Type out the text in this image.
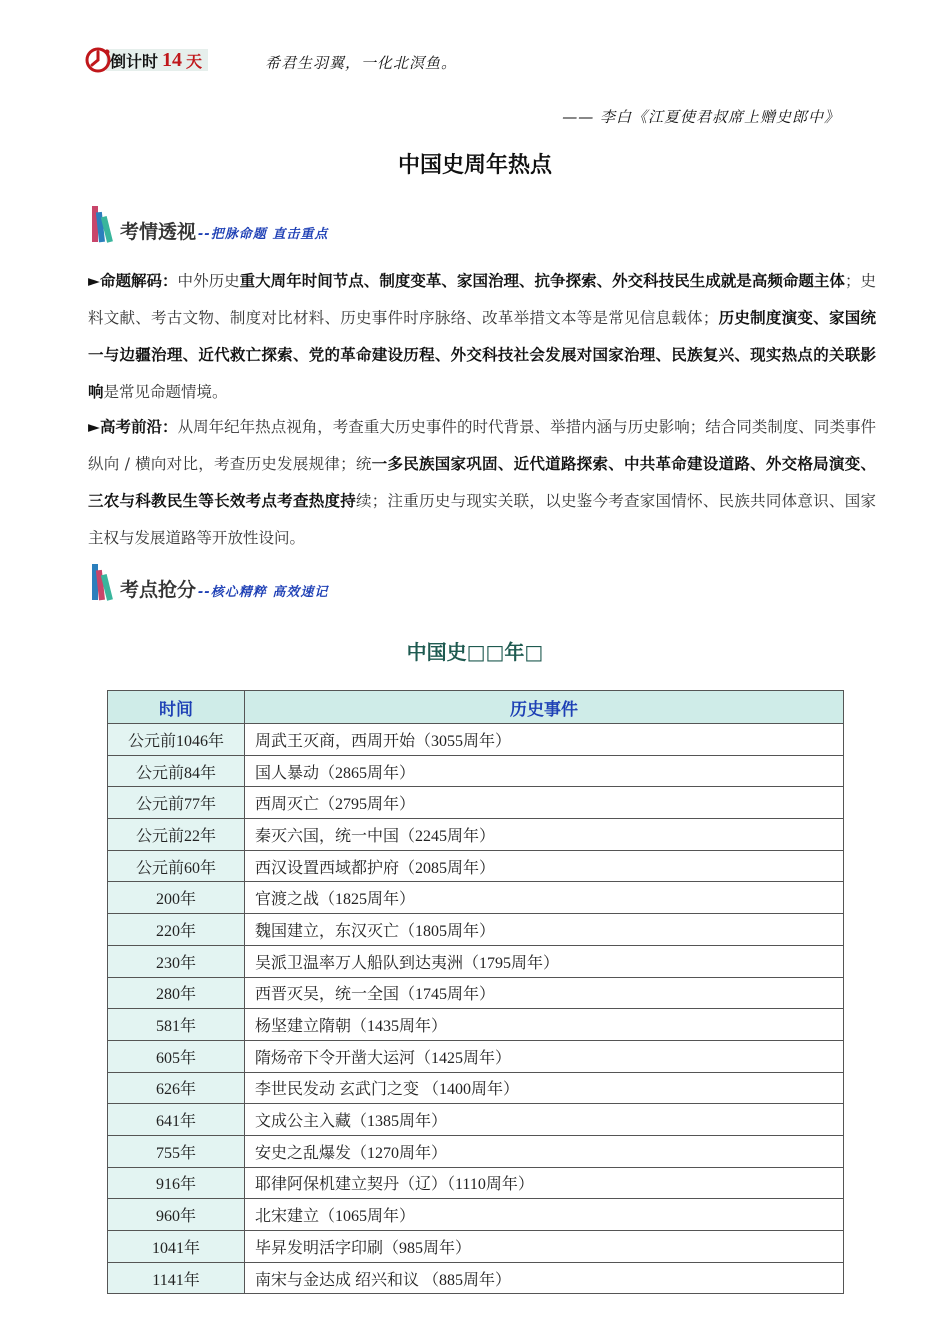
倒计时 14 天	希君生羽翼，一化北溟鱼。
—— 李白《江夏使君叔席上赠史郎中》
中国史周年热点
考情透视 --把脉命题 直击重点
►命题解码：中外历史重大周年时间节点、制度变革、家国治理、抗争探索、外交科技民生成就是高频命题主体；史料文献、考古文物、制度对比材料、历史事件时序脉络、改革举措文本等是常见信息载体；历史制度演变、家国统一与边疆治理、近代救亡探索、党的革命建设历程、外交科技社会发展对国家治理、民族复兴、现实热点的关联影响是常见命题情境。
►高考前沿：从周年纪年热点视角，考查重大历史事件的时代背景、举措内涵与历史影响；结合同类制度、同类事件纵向 / 横向对比，考查历史发展规律；统一多民族国家巩固、近代道路探索、中共革命建设道路、外交格局演变、三农与科教民生等长效考点考查热度持续；注重历史与现实关联，以史鉴今考查家国情怀、民族共同体意识、国家主权与发展道路等开放性设问。
考点抢分 --核心精粹 高效速记
中国史□□年□
时间	历史事件
公元前1046年	周武王灭商，西周开始（3055周年）
公元前84年	国人暴动（2865周年）
公元前77年	西周灭亡（2795周年）
公元前22年	秦灭六国，统一中国（2245周年）
公元前60年	西汉设置西域都护府（2085周年）
200年	官渡之战（1825周年）
220年	魏国建立，东汉灭亡（1805周年）
230年	吴派卫温率万人船队到达夷洲（1795周年）
280年	西晋灭吴，统一全国（1745周年）
581年	杨坚建立隋朝（1435周年）
605年	隋炀帝下令开凿大运河（1425周年）
626年	李世民发动 玄武门之变 （1400周年）
641年	文成公主入藏（1385周年）
755年	安史之乱爆发（1270周年）
916年	耶律阿保机建立契丹（辽）（1110周年）
960年	北宋建立（1065周年）
1041年	毕昇发明活字印刷（985周年）
1141年	南宋与金达成 绍兴和议 （885周年）
